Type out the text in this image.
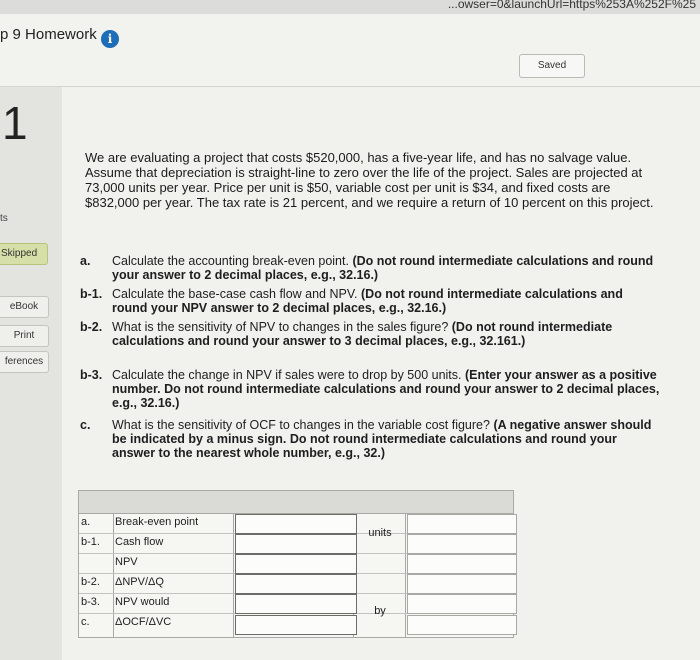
...owser=0&launchUrl=https%253A%252F%25
p 9 Homework i
Saved
1
ts
Skipped
eBook
Print
ferences
We are evaluating a project that costs $520,000, has a five-year life, and has no salvage value. Assume that depreciation is straight-line to zero over the life of the project. Sales are projected at 73,000 units per year. Price per unit is $50, variable cost per unit is $34, and fixed costs are $832,000 per year. The tax rate is 21 percent, and we require a return of 10 percent on this project.
a.	Calculate the accounting break-even point. (Do not round intermediate calculations and round your answer to 2 decimal places, e.g., 32.16.)
b-1. Calculate the base-case cash flow and NPV. (Do not round intermediate calculations and round your NPV answer to 2 decimal places, e.g., 32.16.)
b-2. What is the sensitivity of NPV to changes in the sales figure? (Do not round intermediate calculations and round your answer to 3 decimal places, e.g., 32.161.)
b-3. Calculate the change in NPV if sales were to drop by 500 units. (Enter your answer as a positive number. Do not round intermediate calculations and round your answer to 2 decimal places, e.g., 32.16.)
c.	What is the sensitivity of OCF to changes in the variable cost figure? (A negative answer should be indicated by a minus sign. Do not round intermediate calculations and round your answer to the nearest whole number, e.g., 32.)
a. Break-even point
units
b-1. Cash flow
NPV
b-2. ΔNPV/ΔQ
b-3. NPV would
by
c. ΔOCF/ΔVC
